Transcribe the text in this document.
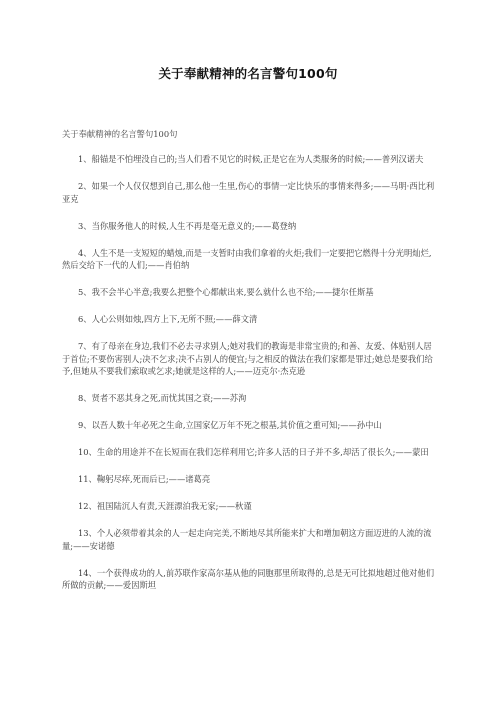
关于奉献精神的名言警句100句
关于奉献精神的名言警句100句
1、船锚是不怕埋没自己的;当人们看不见它的时候,正是它在为人类服务的时候;——普列汉诺夫
2、如果一个人仅仅想到自己,那么他一生里,伤心的事情一定比快乐的事情来得多;——马明·西比利亚克
3、当你服务他人的时候,人生不再是毫无意义的;——葛登纳
4、人生不是一支短短的蜡烛,而是一支暂时由我们拿着的火炬;我们一定要把它燃得十分光明灿烂,然后交给下一代的人们;——肖伯纳
5、我不会半心半意;我要么把整个心都献出来,要么就什么也不给;——捷尔任斯基
6、人心公则如烛,四方上下,无所不照;——薛文清
7、有了母亲在身边,我们不必去寻求别人;她对我们的教诲是非常宝贵的;和善、友爱、体贴别人居于首位;不要伤害别人;决不乞求;决不占别人的便宜;与之相反的做法在我们家都是罪过;她总是要我们给予,但她从不要我们索取或乞求;她就是这样的人;——迈克尔·杰克逊
8、贤者不恶其身之死,而忧其国之衰;——苏洵
9、以吾人数十年必死之生命,立国家亿万年不死之根基,其价值之重可知;——孙中山
10、生命的用途并不在长短而在我们怎样利用它;许多人活的日子并不多,却活了很长久;——蒙田
11、鞠躬尽瘁,死而后已;——诸葛亮
12、祖国陆沉人有责,天涯漂泊我无家;——秋谨
13、个人必须带着其余的人一起走向完美,不断地尽其所能来扩大和增加朝这方面迈进的人流的流量;——安诺德
14、一个获得成功的人,前苏联作家高尔基从他的同胞那里所取得的,总是无可比拟地超过他对他们所做的贡献;——爱因斯坦
